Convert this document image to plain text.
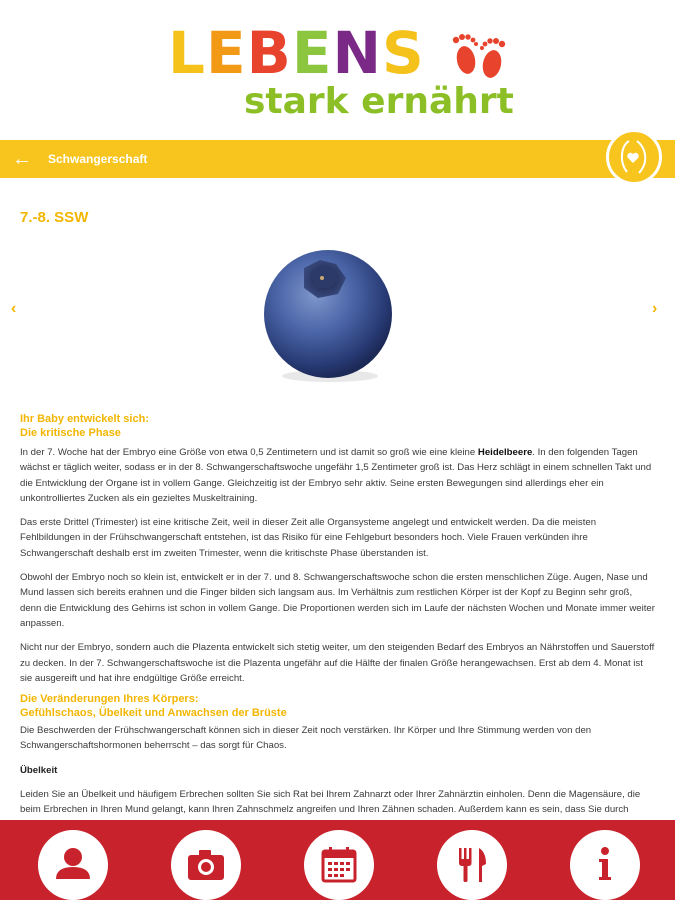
LEBENS
stark ernährt
← Schwangerschaft
7.-8. SSW
‹	›
Ihr Baby entwickelt sich:
Die kritische Phase

In der 7. Woche hat der Embryo eine Größe von etwa 0,5 Zentimetern und ist damit so groß wie eine kleine Heidelbeere. In den folgenden Tagen wächst er täglich weiter, sodass er in der 8. Schwangerschaftswoche ungefähr 1,5 Zentimeter groß ist. Das Herz schlägt in einem schnellen Takt und die Entwicklung der Organe ist in vollem Gange. Gleichzeitig ist der Embryo sehr aktiv. Seine ersten Bewegungen sind allerdings eher ein unkontrolliertes Zucken als ein gezieltes Muskeltraining.

Das erste Drittel (Trimester) ist eine kritische Zeit, weil in dieser Zeit alle Organsysteme angelegt und entwickelt werden. Da die meisten Fehlbildungen in der Frühschwangerschaft entstehen, ist das Risiko für eine Fehlgeburt besonders hoch. Viele Frauen verkünden ihre Schwangerschaft deshalb erst im zweiten Trimester, wenn die kritischste Phase überstanden ist.

Obwohl der Embryo noch so klein ist, entwickelt er in der 7. und 8. Schwangerschaftswoche schon die ersten menschlichen Züge. Augen, Nase und Mund lassen sich bereits erahnen und die Finger bilden sich langsam aus. Im Verhältnis zum restlichen Körper ist der Kopf zu Beginn sehr groß, denn die Entwicklung des Gehirns ist schon in vollem Gange. Die Proportionen werden sich im Laufe der nächsten Wochen und Monate immer weiter anpassen.

Nicht nur der Embryo, sondern auch die Plazenta entwickelt sich stetig weiter, um den steigenden Bedarf des Embryos an Nährstoffen und Sauerstoff zu decken. In der 7. Schwangerschaftswoche ist die Plazenta ungefähr auf die Hälfte der finalen Größe herangewachsen. Erst ab dem 4. Monat ist sie ausgereift und hat ihre endgültige Größe erreicht.

Die Veränderungen Ihres Körpers:
Gefühlschaos, Übelkeit und Anwachsen der Brüste

Die Beschwerden der Frühschwangerschaft können sich in dieser Zeit noch verstärken. Ihr Körper und Ihre Stimmung werden von den Schwangerschaftshormonen beherrscht – das sorgt für Chaos.

Übelkeit

Leiden Sie an Übelkeit und häufigem Erbrechen sollten Sie sich Rat bei Ihrem Zahnarzt oder Ihrer Zahnärztin einholen. Denn die Magensäure, die beim Erbrechen in Ihren Mund gelangt, kann Ihren Zahnschmelz angreifen und Ihren Zähnen schaden. Außerdem kann es sein, dass Sie durch
